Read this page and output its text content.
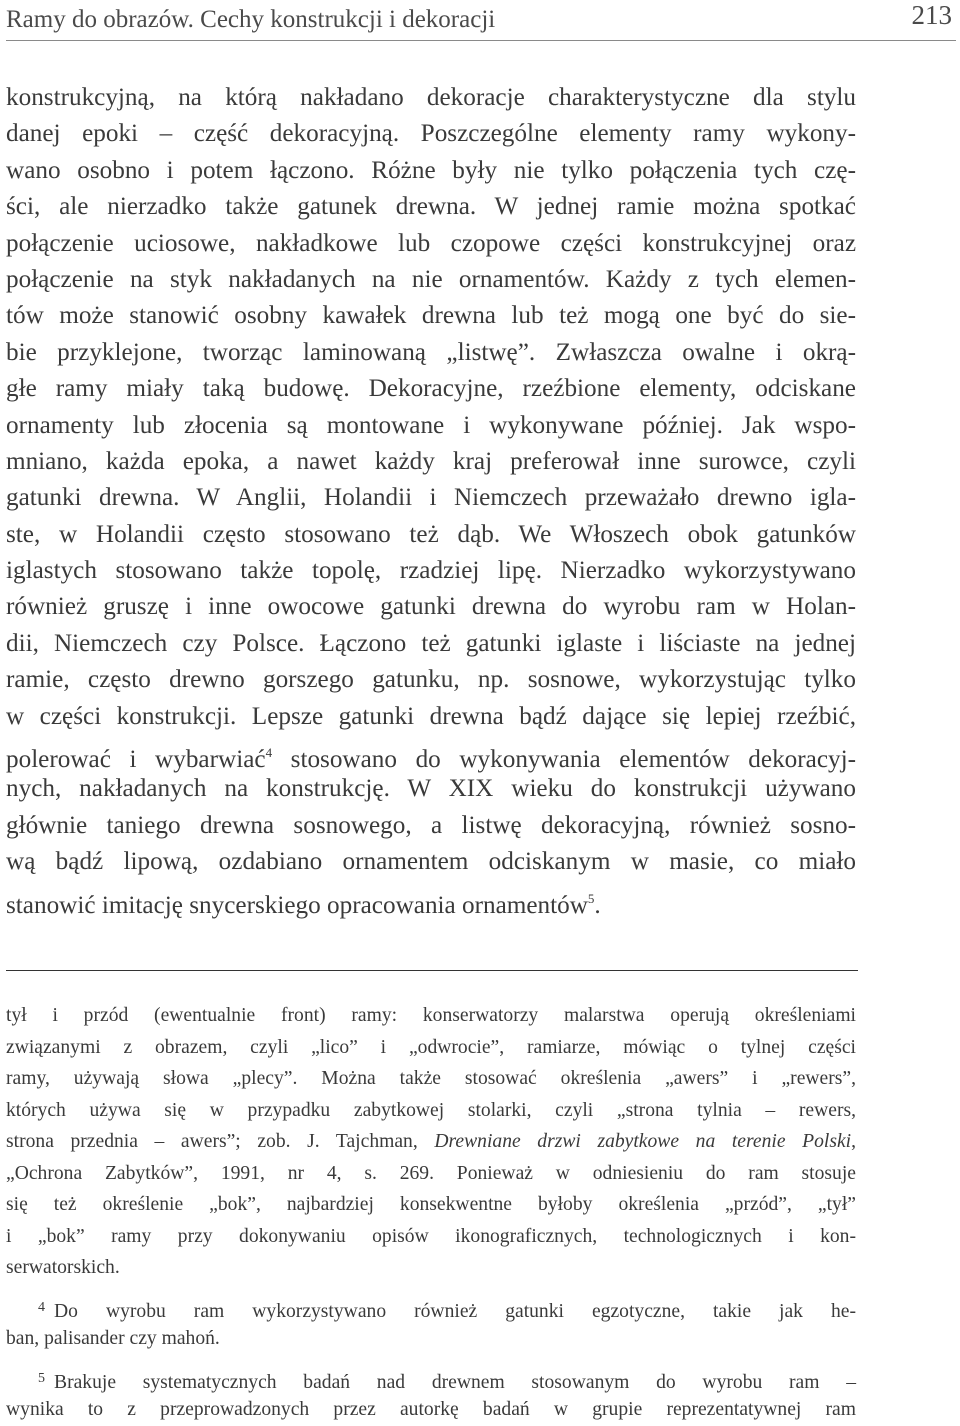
Ramy do obrazów. Cechy konstrukcji i dekoracji	213
konstrukcyjną, na którą nakładano dekoracje charakterystyczne dla stylu
danej epoki – część dekoracyjną. Poszczególne elementy ramy wykony-
wano osobno i potem łączono. Różne były nie tylko połączenia tych czę-
ści, ale nierzadko także gatunek drewna. W jednej ramie można spotkać
połączenie uciosowe, nakładkowe lub czopowe części konstrukcyjnej oraz
połączenie na styk nakładanych na nie ornamentów. Każdy z tych elemen-
tów może stanowić osobny kawałek drewna lub też mogą one być do sie-
bie przyklejone, tworząc laminowaną „listwę”. Zwłaszcza owalne i okrą-
głe ramy miały taką budowę. Dekoracyjne, rzeźbione elementy, odciskane
ornamenty lub złocenia są montowane i wykonywane później. Jak wspo-
mniano, każda epoka, a nawet każdy kraj preferował inne surowce, czyli
gatunki drewna. W Anglii, Holandii i Niemczech przeważało drewno igla-
ste, w Holandii często stosowano też dąb. We Włoszech obok gatunków
iglastych stosowano także topolę, rzadziej lipę. Nierzadko wykorzystywano
również gruszę i inne owocowe gatunki drewna do wyrobu ram w Holan-
dii, Niemczech czy Polsce. Łączono też gatunki iglaste i liściaste na jednej
ramie, często drewno gorszego gatunku, np. sosnowe, wykorzystując tylko
w części konstrukcji. Lepsze gatunki drewna bądź dające się lepiej rzeźbić,
polerować i wybarwiać$^4$ stosowano do wykonywania elementów dekoracyj-
nych, nakładanych na konstrukcję. W XIX wieku do konstrukcji używano
głównie taniego drewna sosnowego, a listwę dekoracyjną, również sosno-
wą bądź lipową, ozdabiano ornamentem odciskanym w masie, co miało
stanowić imitację snycerskiego opracowania ornamentów$^5$.
tył i przód (ewentualnie front) ramy: konserwatorzy malarstwa operują określeniami
związanymi z obrazem, czyli „lico” i „odwrocie”, ramiarze, mówiąc o tylnej części
ramy, używają słowa „plecy”. Można także stosować określenia „awers” i „rewers”,
których używa się w przypadku zabytkowej stolarki, czyli „strona tylnia – rewers,
strona przednia – awers”; zob. J. Tajchman, Drewniane drzwi zabytkowe na terenie Polski,
„Ochrona Zabytków”, 1991, nr 4, s. 269. Ponieważ w odniesieniu do ram stosuje
się też określenie „bok”, najbardziej konsekwentne byłoby określenia „przód”, „tył”
i „bok” ramy przy dokonywaniu opisów ikonograficznych, technologicznych i kon-
serwatorskich.
4 Do wyrobu ram wykorzystywano również gatunki egzotyczne, takie jak he-
ban, palisander czy mahoń.
5 Brakuje systematycznych badań nad drewnem stosowanym do wyrobu ram –
wynika to z przeprowadzonych przez autorkę badań w grupie reprezentatywnej ram
